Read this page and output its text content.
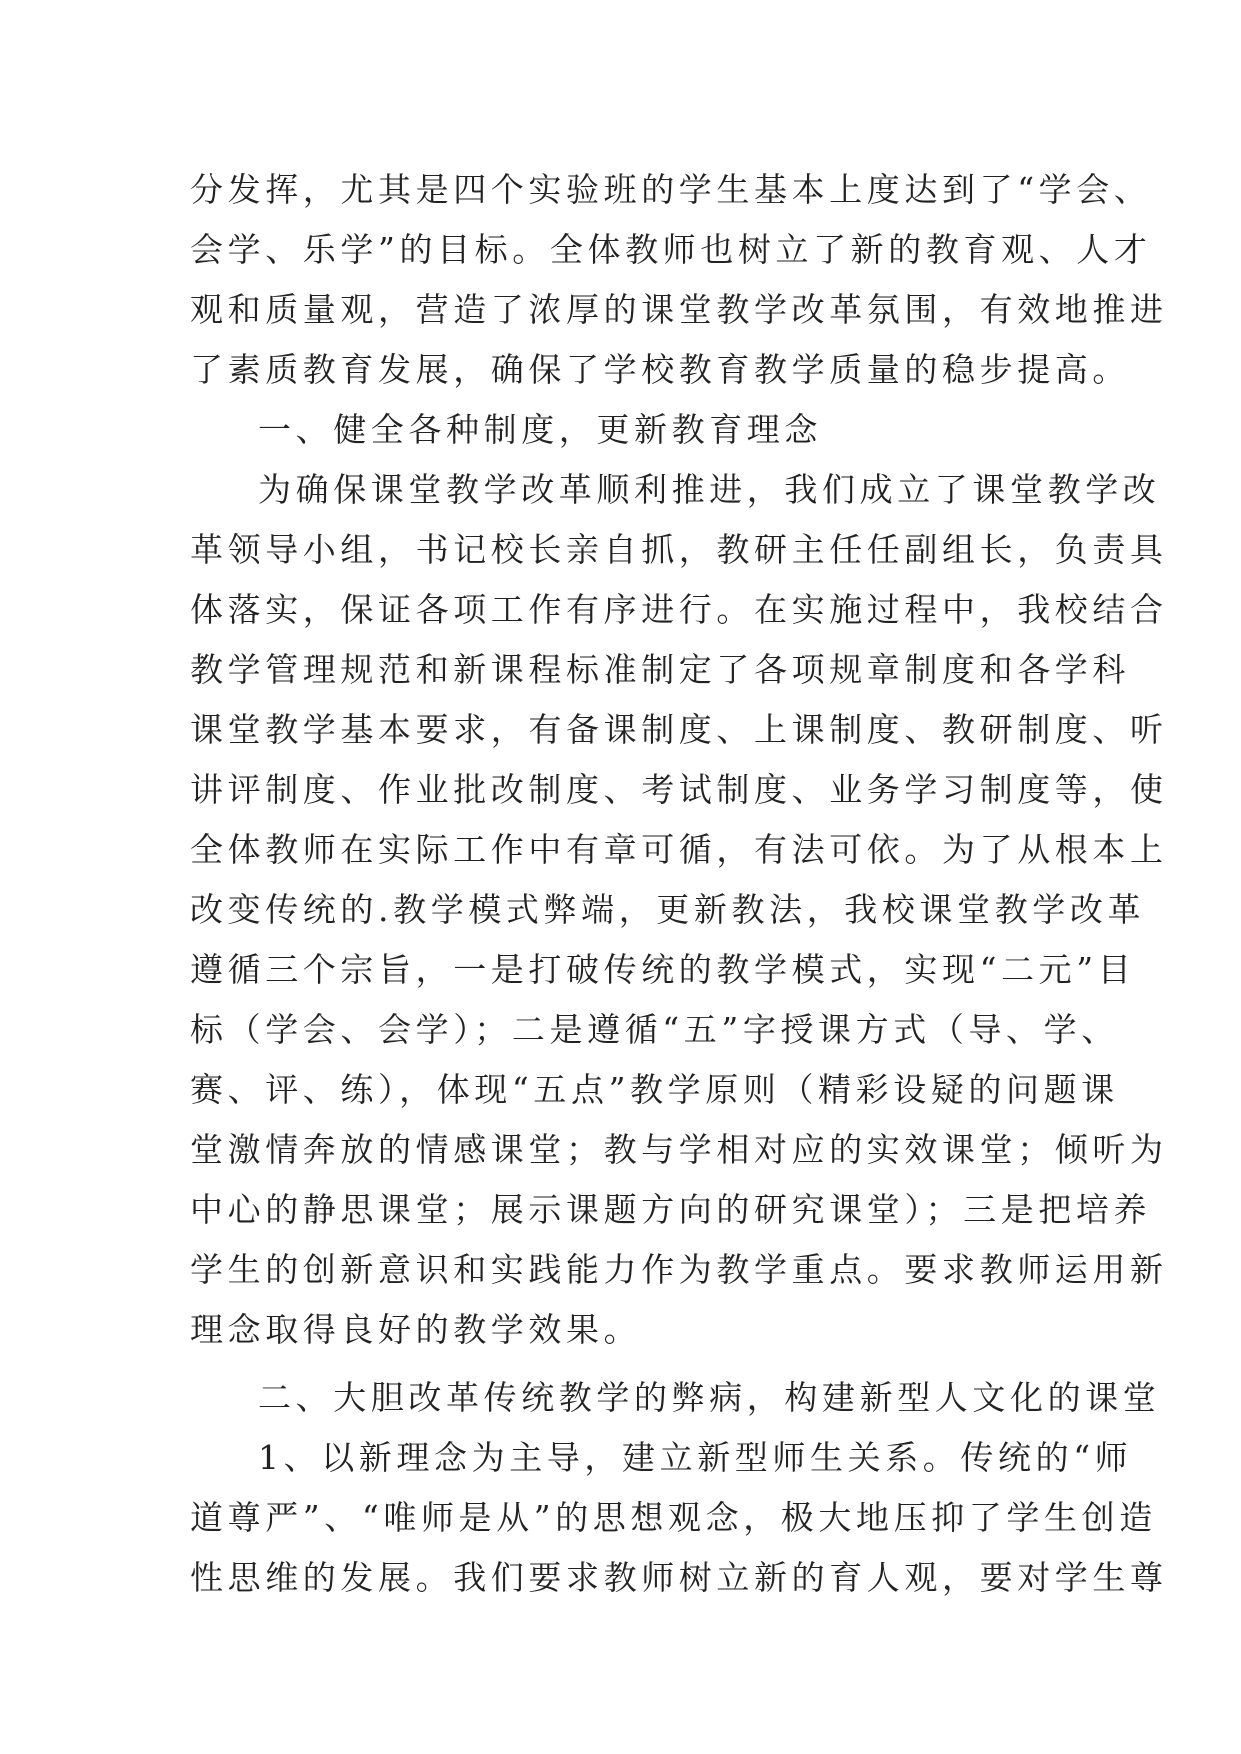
分发挥，尤其是四个实验班的学生基本上度达到了“学会、
会学、乐学”的目标。全体教师也树立了新的教育观、人才
观和质量观，营造了浓厚的课堂教学改革氛围，有效地推进
了素质教育发展，确保了学校教育教学质量的稳步提高。
一、健全各种制度，更新教育理念
为确保课堂教学改革顺利推进，我们成立了课堂教学改
革领导小组，书记校长亲自抓，教研主任任副组长，负责具
体落实，保证各项工作有序进行。在实施过程中，我校结合
教学管理规范和新课程标准制定了各项规章制度和各学科
课堂教学基本要求，有备课制度、上课制度、教研制度、听
讲评制度、作业批改制度、考试制度、业务学习制度等，使
全体教师在实际工作中有章可循，有法可依。为了从根本上
改变传统的.教学模式弊端，更新教法，我校课堂教学改革
遵循三个宗旨，一是打破传统的教学模式，实现“二元”目
标（学会、会学）；二是遵循“五”字授课方式（导、学、
赛、评、练），体现“五点”教学原则（精彩设疑的问题课
堂激情奔放的情感课堂；教与学相对应的实效课堂；倾听为
中心的静思课堂；展示课题方向的研究课堂）；三是把培养
学生的创新意识和实践能力作为教学重点。要求教师运用新
理念取得良好的教学效果。
二、大胆改革传统教学的弊病，构建新型人文化的课堂
1、以新理念为主导，建立新型师生关系。传统的“师
道尊严”、“唯师是从”的思想观念，极大地压抑了学生创造
性思维的发展。我们要求教师树立新的育人观，要对学生尊
